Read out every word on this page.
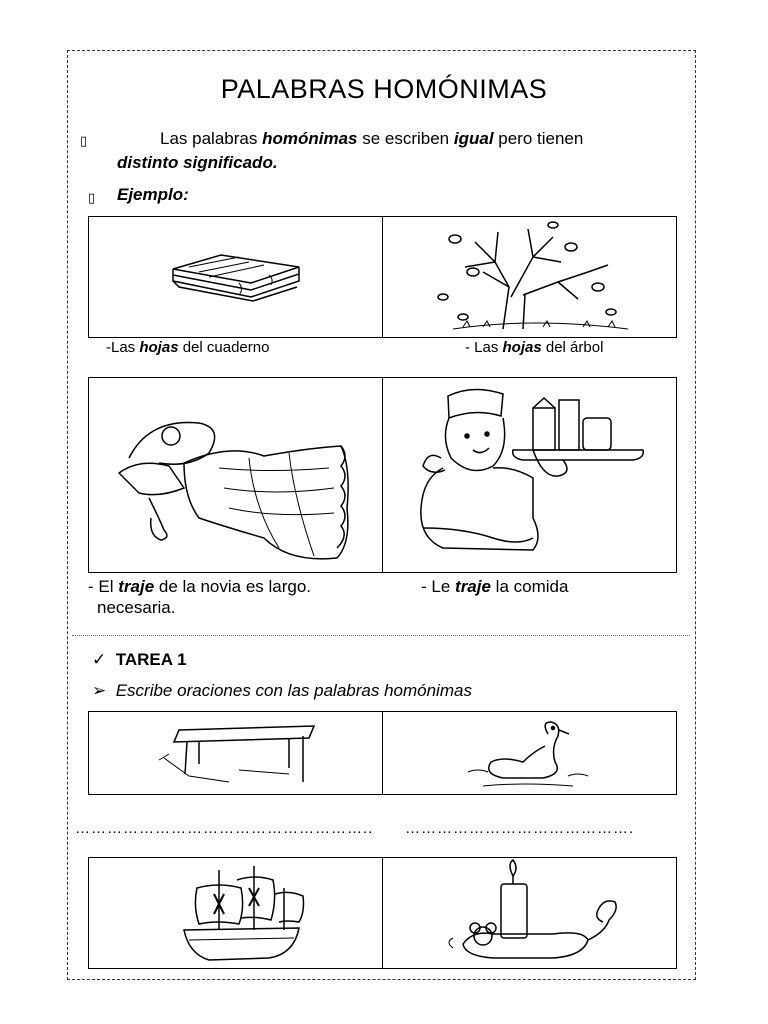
PALABRAS HOMÓNIMAS
▯	Las palabras homónimas se escriben igual pero tienen
distinto significado.
▯ Ejemplo:
-Las hojas del cuaderno	- Las hojas del árbol
- El traje de la novia es largo.	- Le traje la comida
necesaria.
✓ TAREA 1
➢ Escribe oraciones con las palabras homónimas
……………………………………………….. …………………………………….
